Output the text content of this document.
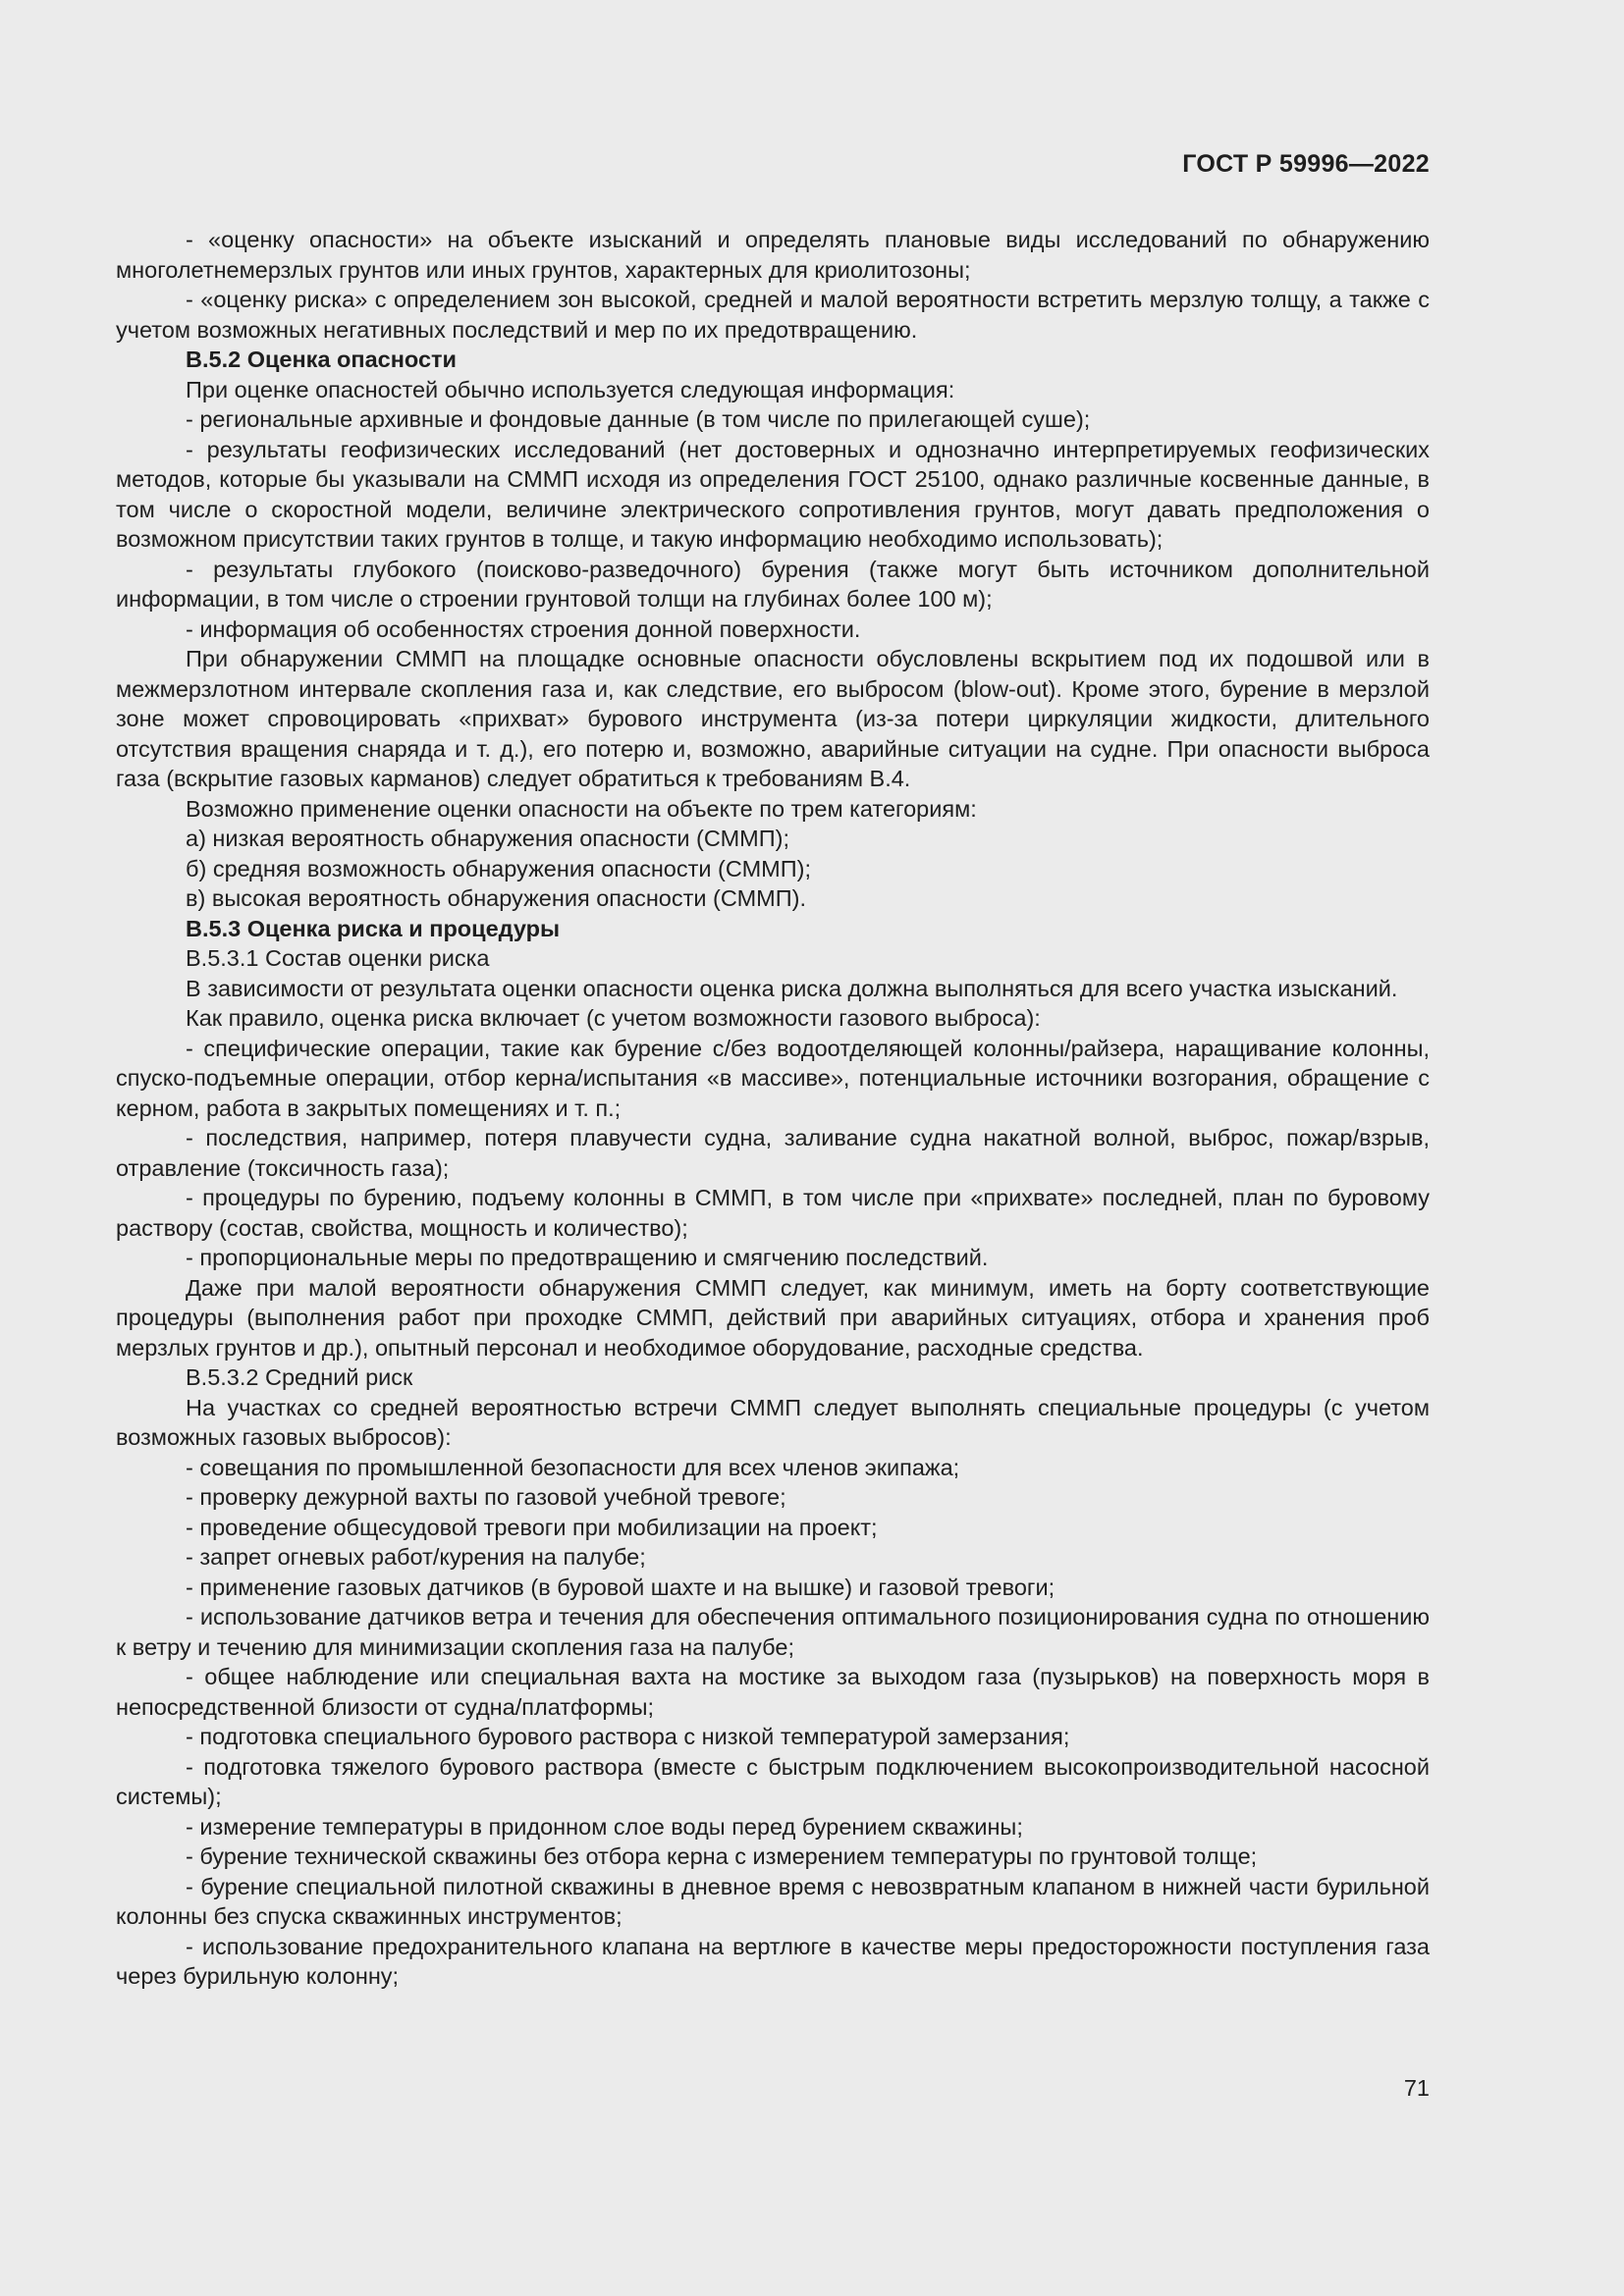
ГОСТ Р 59996—2022

- «оценку опасности» на объекте изысканий и определять плановые виды исследований по обнаружению многолетнемерзлых грунтов или иных грунтов, характерных для криолитозоны;

- «оценку риска» с определением зон высокой, средней и малой вероятности встретить мерзлую толщу, а также с учетом возможных негативных последствий и мер по их предотвращению.

В.5.2 Оценка опасности

При оценке опасностей обычно используется следующая информация:

- региональные архивные и фондовые данные (в том числе по прилегающей суше);

- результаты геофизических исследований (нет достоверных и однозначно интерпретируемых геофизических методов, которые бы указывали на СММП исходя из определения ГОСТ 25100, однако различные косвенные данные, в том числе о скоростной модели, величине электрического сопротивления грунтов, могут давать предположения о возможном присутствии таких грунтов в толще, и такую информацию необходимо использовать);

- результаты глубокого (поисково-разведочного) бурения (также могут быть источником дополнительной информации, в том числе о строении грунтовой толщи на глубинах более 100 м);

- информация об особенностях строения донной поверхности.

При обнаружении СММП на площадке основные опасности обусловлены вскрытием под их подошвой или в межмерзлотном интервале скопления газа и, как следствие, его выбросом (blow-out). Кроме этого, бурение в мерзлой зоне может спровоцировать «прихват» бурового инструмента (из-за потери циркуляции жидкости, длительного отсутствия вращения снаряда и т. д.), его потерю и, возможно, аварийные ситуации на судне. При опасности выброса газа (вскрытие газовых карманов) следует обратиться к требованиям В.4.

Возможно применение оценки опасности на объекте по трем категориям:

а) низкая вероятность обнаружения опасности (СММП);

б) средняя возможность обнаружения опасности (СММП);

в) высокая вероятность обнаружения опасности (СММП).

В.5.3 Оценка риска и процедуры

В.5.3.1 Состав оценки риска

В зависимости от результата оценки опасности оценка риска должна выполняться для всего участка изысканий.

Как правило, оценка риска включает (с учетом возможности газового выброса):

- специфические операции, такие как бурение с/без водоотделяющей колонны/райзера, наращивание колонны, спуско-подъемные операции, отбор керна/испытания «в массиве», потенциальные источники возгорания, обращение с керном, работа в закрытых помещениях и т. п.;

- последствия, например, потеря плавучести судна, заливание судна накатной волной, выброс, пожар/взрыв, отравление (токсичность газа);

- процедуры по бурению, подъему колонны в СММП, в том числе при «прихвате» последней, план по буровому раствору (состав, свойства, мощность и количество);

- пропорциональные меры по предотвращению и смягчению последствий.

Даже при малой вероятности обнаружения СММП следует, как минимум, иметь на борту соответствующие процедуры (выполнения работ при проходке СММП, действий при аварийных ситуациях, отбора и хранения проб мерзлых грунтов и др.), опытный персонал и необходимое оборудование, расходные средства.

В.5.3.2 Средний риск

На участках со средней вероятностью встречи СММП следует выполнять специальные процедуры (с учетом возможных газовых выбросов):

- совещания по промышленной безопасности для всех членов экипажа;

- проверку дежурной вахты по газовой учебной тревоге;

- проведение общесудовой тревоги при мобилизации на проект;

- запрет огневых работ/курения на палубе;

- применение газовых датчиков (в буровой шахте и на вышке) и газовой тревоги;

- использование датчиков ветра и течения для обеспечения оптимального позиционирования судна по отношению к ветру и течению для минимизации скопления газа на палубе;

- общее наблюдение или специальная вахта на мостике за выходом газа (пузырьков) на поверхность моря в непосредственной близости от судна/платформы;

- подготовка специального бурового раствора с низкой температурой замерзания;

- подготовка тяжелого бурового раствора (вместе с быстрым подключением высокопроизводительной насосной системы);

- измерение температуры в придонном слое воды перед бурением скважины;

- бурение технической скважины без отбора керна с измерением температуры по грунтовой толще;

- бурение специальной пилотной скважины в дневное время с невозвратным клапаном в нижней части бурильной колонны без спуска скважинных инструментов;

- использование предохранительного клапана на вертлюге в качестве меры предосторожности поступления газа через бурильную колонну;

71
